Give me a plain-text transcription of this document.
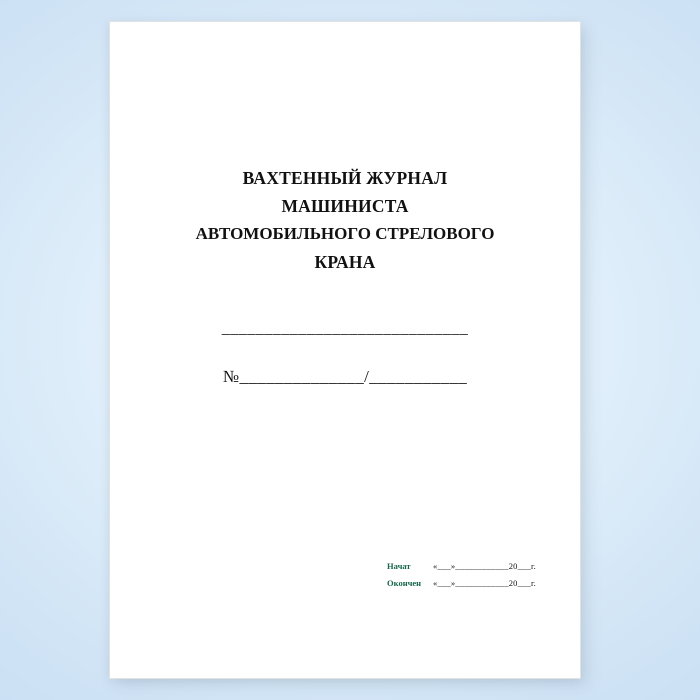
ВАХТЕННЫЙ ЖУРНАЛ
МАШИНИСТА
АВТОМОБИЛЬНОГО СТРЕЛОВОГО
КРАНА
_____________________________
№______________/___________
Начат	«___»____________20___г.
Окончен	«___»____________20___г.
